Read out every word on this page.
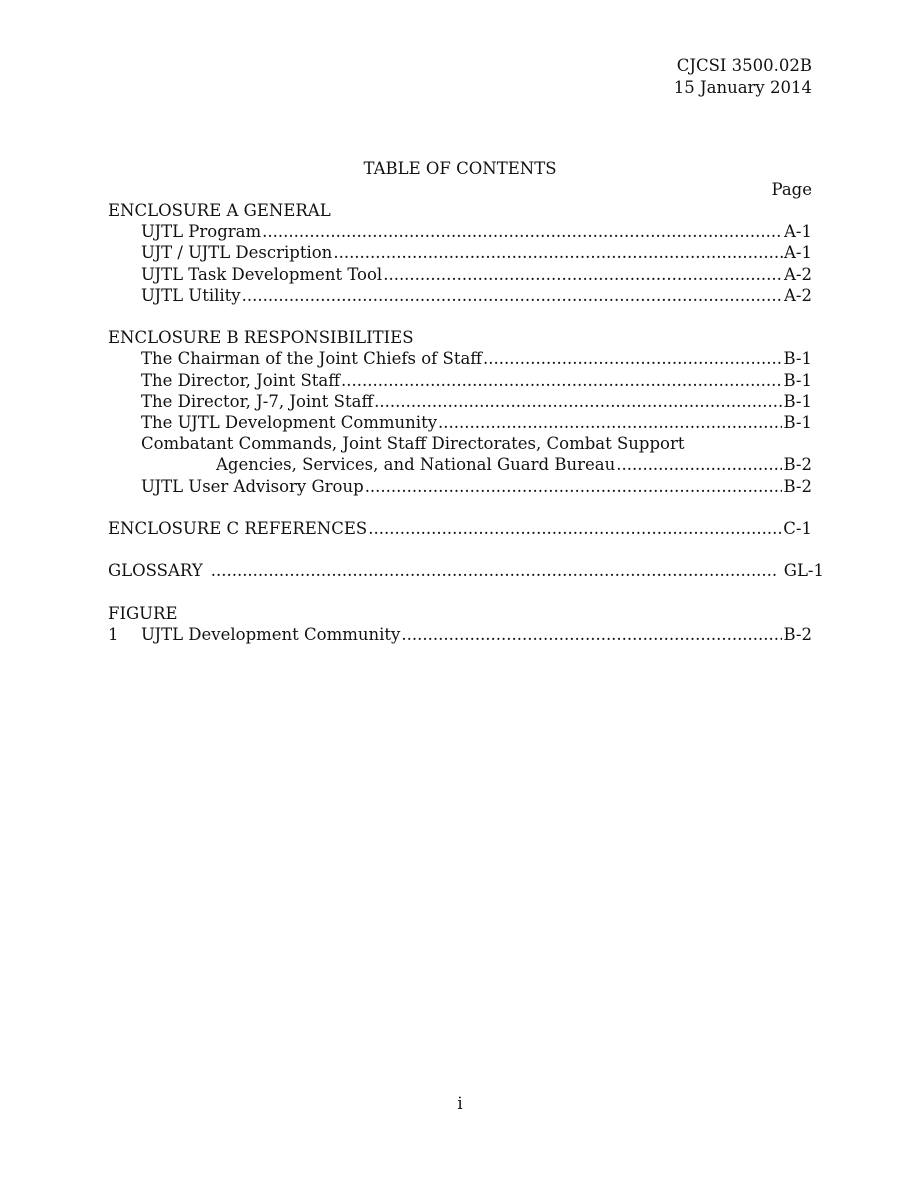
CJCSI 3500.02B
15 January 2014
TABLE OF CONTENTS
Page
ENCLOSURE A GENERAL
UJTL Program .....	A-1
UJT / UJTL Description .....	A-1
UJTL Task Development Tool .....	A-2
UJTL Utility .....	A-2
ENCLOSURE B RESPONSIBILITIES
The Chairman of the Joint Chiefs of Staff .....	B-1
The Director, Joint Staff .....	B-1
The Director, J-7, Joint Staff .....	B-1
The UJTL Development Community .....	B-1
Combatant Commands, Joint Staff Directorates, Combat Support
Agencies, Services, and National Guard Bureau .....	B-2
UJTL User Advisory Group .....	B-2
ENCLOSURE C REFERENCES .....	C-1
GLOSSARY .....	GL-1
FIGURE
1	UJTL Development Community .....	B-2
i
